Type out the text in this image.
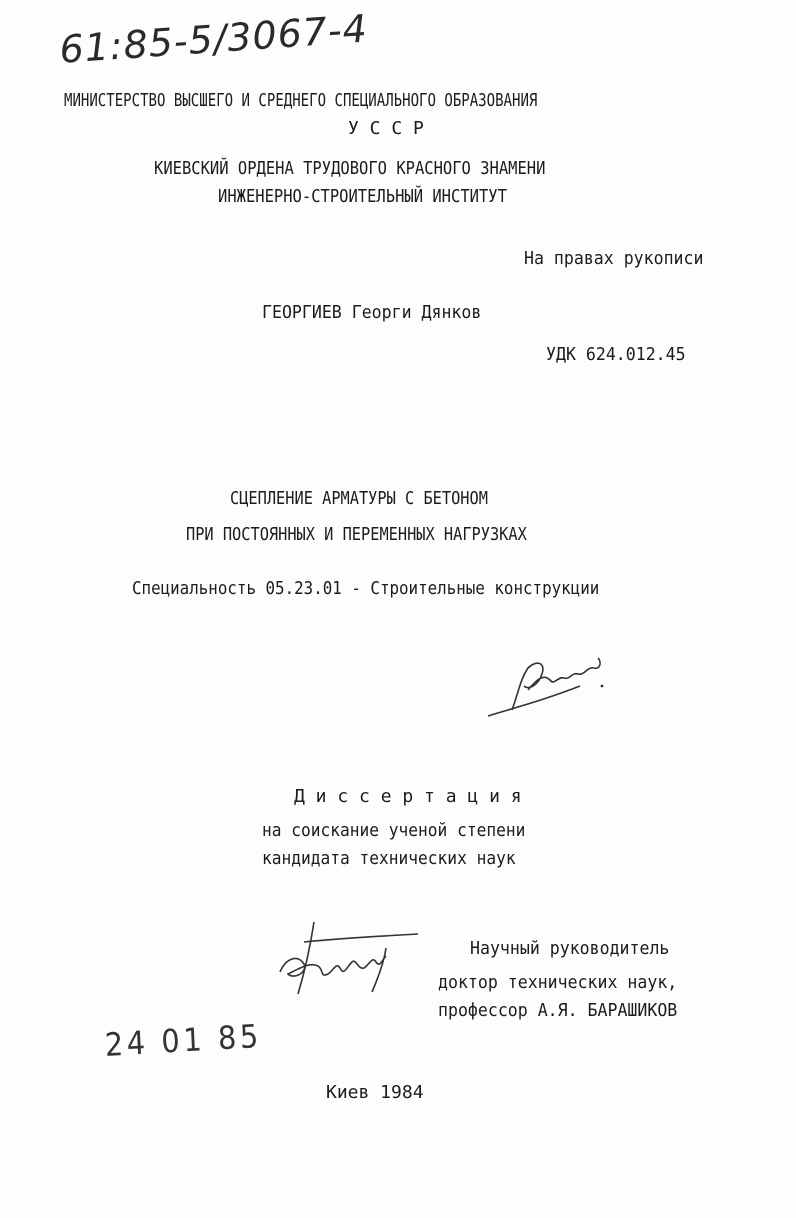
61:85-5/3067-4
МИНИСТЕРСТВО ВЫСШЕГО И СРЕДНЕГО СПЕЦИАЛЬНОГО ОБРАЗОВАНИЯ
У С С Р
КИЕВСКИЙ ОРДЕНА ТРУДОВОГО КРАСНОГО ЗНАМЕНИ
ИНЖЕНЕРНО-СТРОИТЕЛЬНЫЙ ИНСТИТУТ
На правах рукописи
ГЕОРГИЕВ Георги Дянков
УДК 624.012.45
СЦЕПЛЕНИЕ АРМАТУРЫ С БЕТОНОМ
ПРИ ПОСТОЯННЫХ И ПЕРЕМЕННЫХ НАГРУЗКАХ
Специальность 05.23.01 - Строительные конструкции
Д и с с е р т а ц и я
на соискание ученой степени
кандидата технических наук
Научный руководитель
доктор технических наук,
профессор А.Я. БАРАШИКОВ
24 01 85
Киев 1984
